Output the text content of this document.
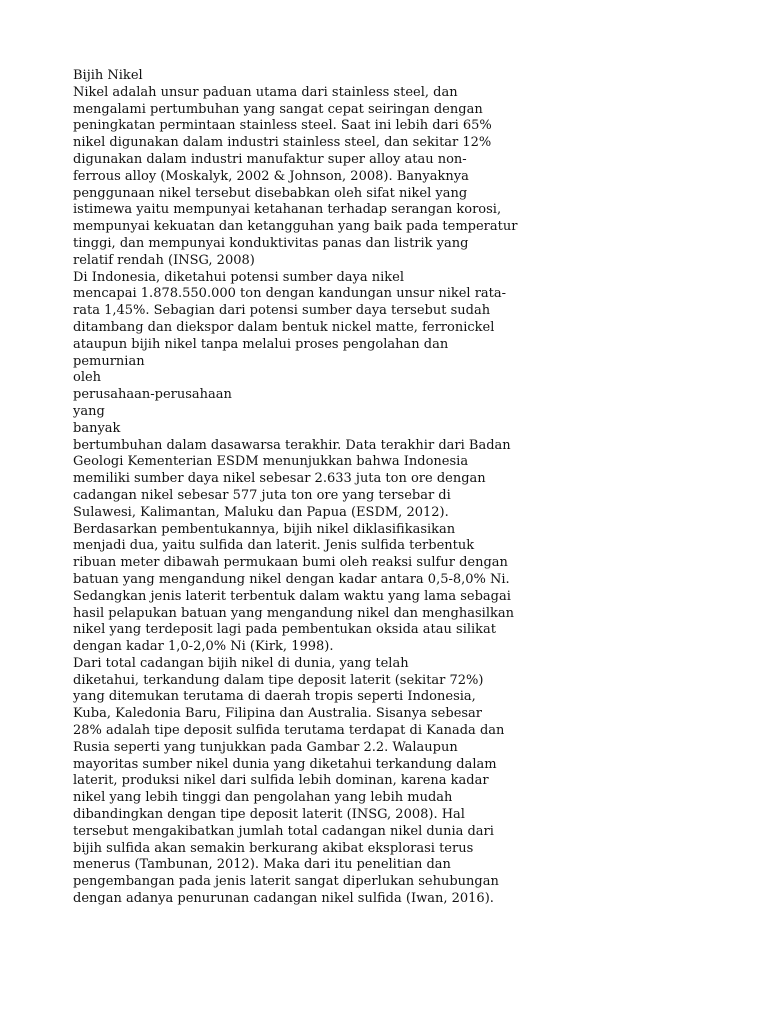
Bijih Nikel
Nikel adalah unsur paduan utama dari stainless steel, dan
mengalami pertumbuhan yang sangat cepat seiringan dengan
peningkatan permintaan stainless steel. Saat ini lebih dari 65%
nikel digunakan dalam industri stainless steel, dan sekitar 12%
digunakan dalam industri manufaktur super alloy atau non-
ferrous alloy (Moskalyk, 2002 & Johnson, 2008). Banyaknya
penggunaan nikel tersebut disebabkan oleh sifat nikel yang
istimewa yaitu mempunyai ketahanan terhadap serangan korosi,
mempunyai kekuatan dan ketangguhan yang baik pada temperatur
tinggi, dan mempunyai konduktivitas panas dan listrik yang
relatif rendah (INSG, 2008)
Di Indonesia, diketahui potensi sumber daya nikel
mencapai 1.878.550.000 ton dengan kandungan unsur nikel rata-
rata 1,45%. Sebagian dari potensi sumber daya tersebut sudah
ditambang dan diekspor dalam bentuk nickel matte, ferronickel
ataupun bijih nikel tanpa melalui proses pengolahan dan
pemurnian
oleh
perusahaan-perusahaan
yang
banyak
bertumbuhan dalam dasawarsa terakhir. Data terakhir dari Badan
Geologi Kementerian ESDM menunjukkan bahwa Indonesia
memiliki sumber daya nikel sebesar 2.633 juta ton ore dengan
cadangan nikel sebesar 577 juta ton ore yang tersebar di
Sulawesi, Kalimantan, Maluku dan Papua (ESDM, 2012).
Berdasarkan pembentukannya, bijih nikel diklasifikasikan
menjadi dua, yaitu sulfida dan laterit. Jenis sulfida terbentuk
ribuan meter dibawah permukaan bumi oleh reaksi sulfur dengan
batuan yang mengandung nikel dengan kadar antara 0,5-8,0% Ni.
Sedangkan jenis laterit terbentuk dalam waktu yang lama sebagai
hasil pelapukan batuan yang mengandung nikel dan menghasilkan
nikel yang terdeposit lagi pada pembentukan oksida atau silikat
dengan kadar 1,0-2,0% Ni (Kirk, 1998).
Dari total cadangan bijih nikel di dunia, yang telah
diketahui, terkandung dalam tipe deposit laterit (sekitar 72%)
yang ditemukan terutama di daerah tropis seperti Indonesia,
Kuba, Kaledonia Baru, Filipina dan Australia. Sisanya sebesar
28% adalah tipe deposit sulfida terutama terdapat di Kanada dan
Rusia seperti yang tunjukkan pada Gambar 2.2. Walaupun
mayoritas sumber nikel dunia yang diketahui terkandung dalam
laterit, produksi nikel dari sulfida lebih dominan, karena kadar
nikel yang lebih tinggi dan pengolahan yang lebih mudah
dibandingkan dengan tipe deposit laterit (INSG, 2008). Hal
tersebut mengakibatkan jumlah total cadangan nikel dunia dari
bijih sulfida akan semakin berkurang akibat eksplorasi terus
menerus (Tambunan, 2012). Maka dari itu penelitian dan
pengembangan pada jenis laterit sangat diperlukan sehubungan
dengan adanya penurunan cadangan nikel sulfida (Iwan, 2016).
